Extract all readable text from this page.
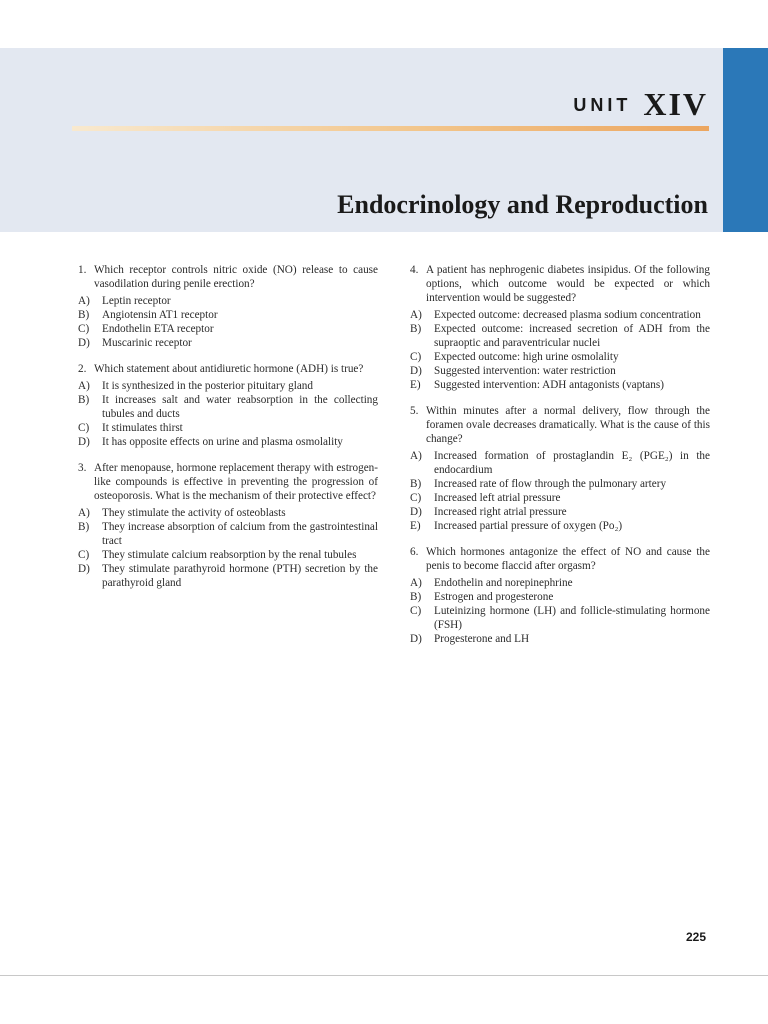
UNIT XIV
Endocrinology and Reproduction
1. Which receptor controls nitric oxide (NO) release to cause vasodilation during penile erection?
A)	Leptin receptor
B)	Angiotensin AT1 receptor
C)	Endothelin ETA receptor
D)	Muscarinic receptor
2. Which statement about antidiuretic hormone (ADH) is true?
A)	It is synthesized in the posterior pituitary gland
B)	It increases salt and water reabsorption in the collecting tubules and ducts
C)	It stimulates thirst
D)	It has opposite effects on urine and plasma osmolality
3. After menopause, hormone replacement therapy with estrogen-like compounds is effective in preventing the progression of osteoporosis. What is the mechanism of their protective effect?
A)	They stimulate the activity of osteoblasts
B)	They increase absorption of calcium from the gastrointestinal tract
C)	They stimulate calcium reabsorption by the renal tubules
D)	They stimulate parathyroid hormone (PTH) secretion by the parathyroid gland
4. A patient has nephrogenic diabetes insipidus. Of the following options, which outcome would be expected or which intervention would be suggested?
A)	Expected outcome: decreased plasma sodium concentration
B)	Expected outcome: increased secretion of ADH from the supraoptic and paraventricular nuclei
C)	Expected outcome: high urine osmolality
D)	Suggested intervention: water restriction
E)	Suggested intervention: ADH antagonists (vaptans)
5. Within minutes after a normal delivery, flow through the foramen ovale decreases dramatically. What is the cause of this change?
A)	Increased formation of prostaglandin E₂ (PGE₂) in the endocardium
B)	Increased rate of flow through the pulmonary artery
C)	Increased left atrial pressure
D)	Increased right atrial pressure
E)	Increased partial pressure of oxygen (Po₂)
6. Which hormones antagonize the effect of NO and cause the penis to become flaccid after orgasm?
A)	Endothelin and norepinephrine
B)	Estrogen and progesterone
C)	Luteinizing hormone (LH) and follicle-stimulating hormone (FSH)
D)	Progesterone and LH
225
